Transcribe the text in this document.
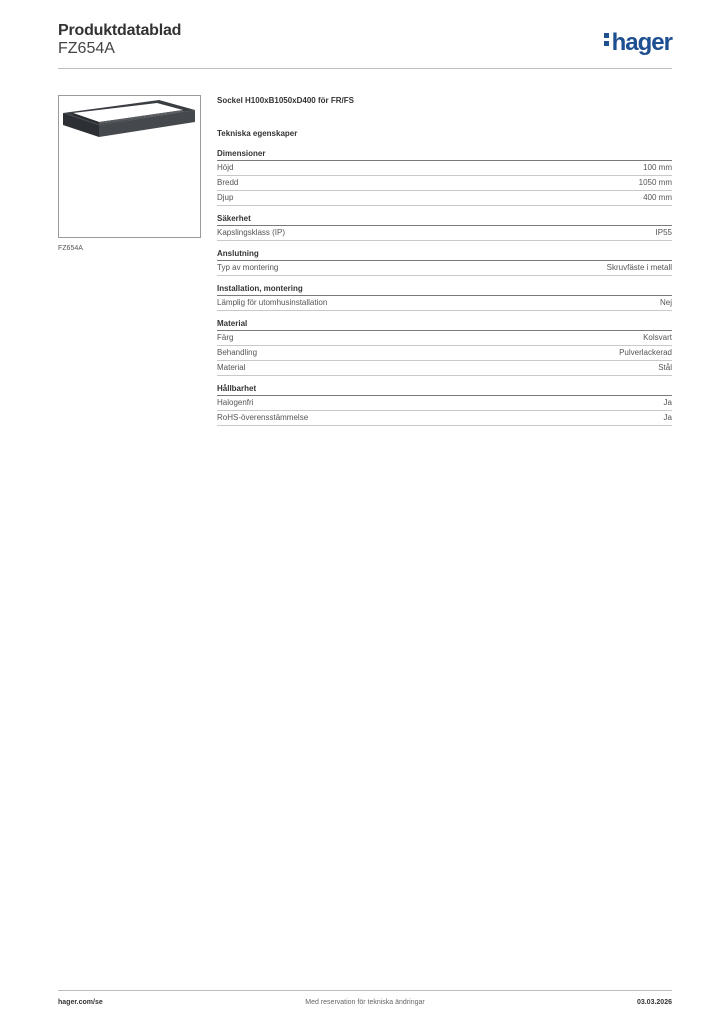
Produktdatablad
FZ654A	hager
FZ654A
Sockel H100xB1050xD400 för FR/FS
Tekniska egenskaper
Dimensioner
Höjd	100 mm
Bredd	1050 mm
Djup	400 mm
Säkerhet
Kapslingsklass (IP)	IP55
Anslutning
Typ av montering	Skruvfäste i metall
Installation, montering
Lämplig för utomhusinstallation	Nej
Material
Färg	Kolsvart
Behandling	Pulverlackerad
Material	Stål
Hållbarhet
Halogenfri	Ja
RoHS-överensstämmelse	Ja
hager.com/se	Med reservation för tekniska ändringar	03.03.2026
